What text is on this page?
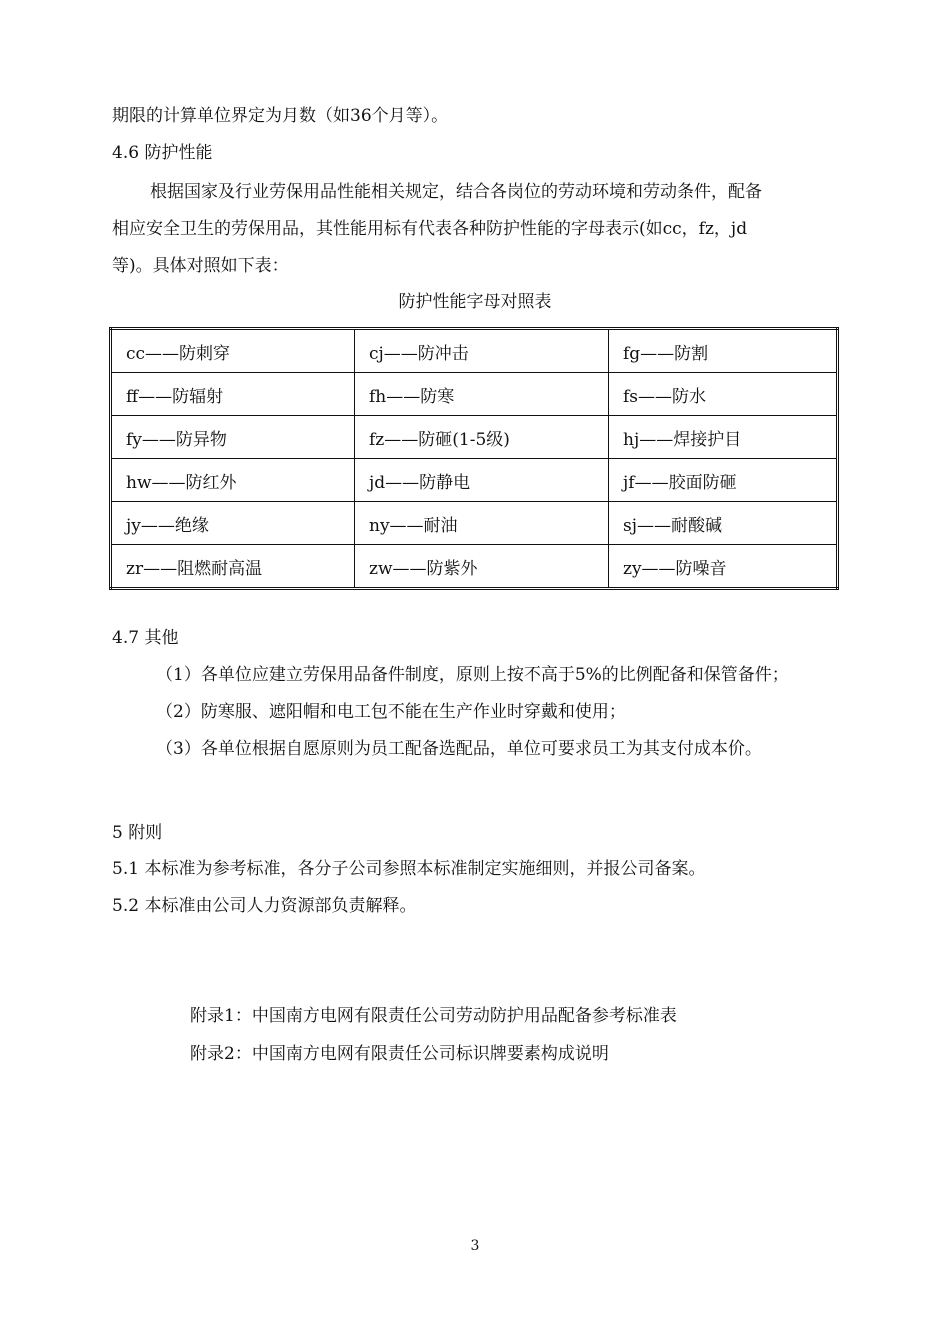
期限的计算单位界定为月数（如36个月等）。
4.6 防护性能
根据国家及行业劳保用品性能相关规定，结合各岗位的劳动环境和劳动条件，配备
相应安全卫生的劳保用品，其性能用标有代表各种防护性能的字母表示(如cc，fz，jd
等)。具体对照如下表：
防护性能字母对照表
cc——防刺穿	cj——防冲击	fg——防割
ff——防辐射	fh——防寒	fs——防水
fy——防异物	fz——防砸(1-5级)	hj——焊接护目
hw——防红外	jd——防静电	jf——胶面防砸
jy——绝缘	ny——耐油	sj——耐酸碱
zr——阻燃耐高温	zw——防紫外	zy——防噪音
4.7 其他
（1）各单位应建立劳保用品备件制度，原则上按不高于5%的比例配备和保管备件；
（2）防寒服、遮阳帽和电工包不能在生产作业时穿戴和使用；
（3）各单位根据自愿原则为员工配备选配品，单位可要求员工为其支付成本价。
5 附则
5.1 本标准为参考标准，各分子公司参照本标准制定实施细则，并报公司备案。
5.2 本标准由公司人力资源部负责解释。
附录1：中国南方电网有限责任公司劳动防护用品配备参考标准表
附录2：中国南方电网有限责任公司标识牌要素构成说明
3
